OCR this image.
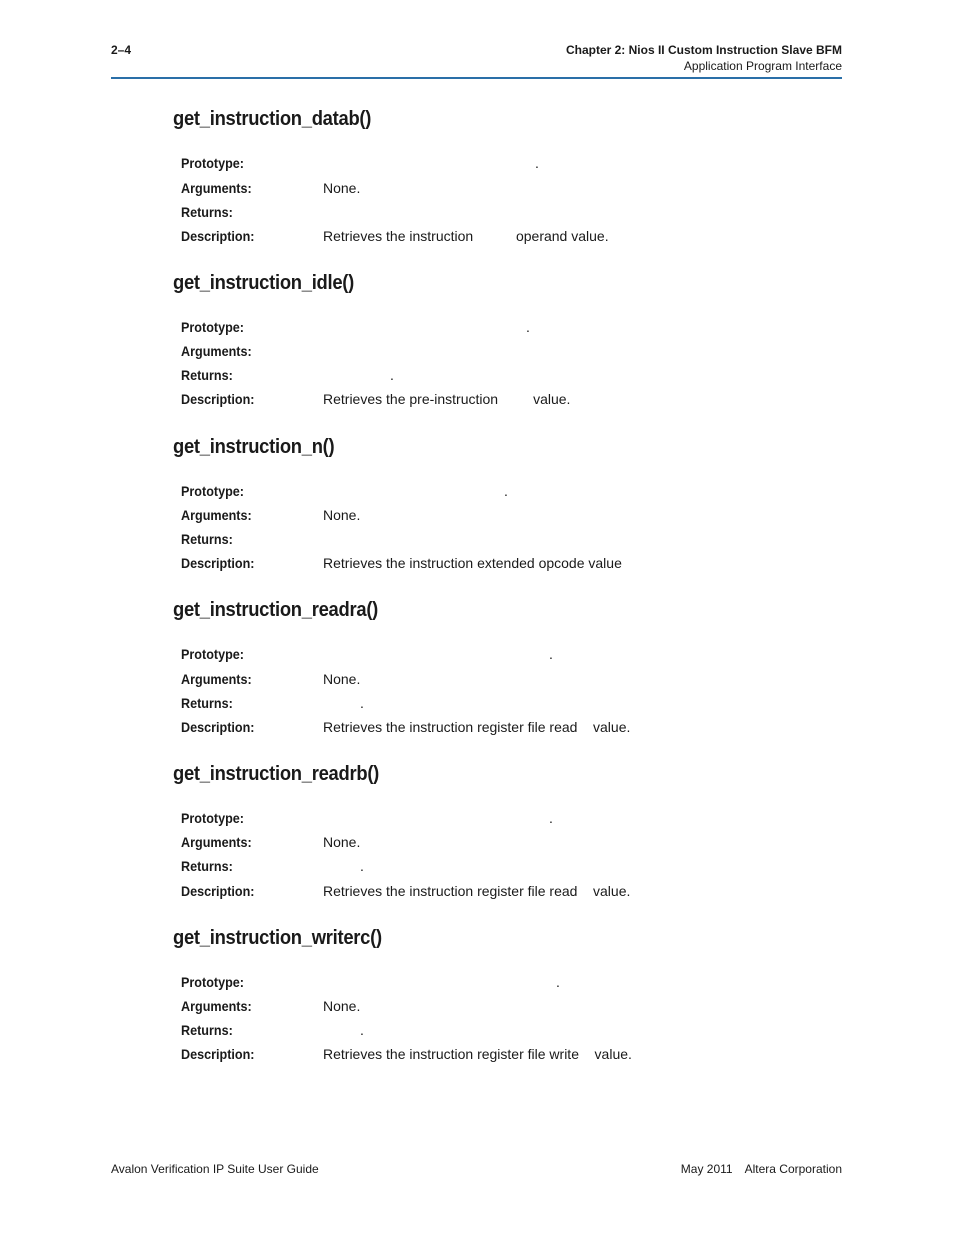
2–4	Chapter 2: Nios II Custom Instruction Slave BFM
Application Program Interface
get_instruction_datab()
Prototype:	.
Arguments:	None.
Returns:
Description:	Retrieves the instruction           operand value.
get_instruction_idle()
Prototype:	.
Arguments:
Returns:	.
Description:	Retrieves the pre-instruction         value.
get_instruction_n()
Prototype:	.
Arguments:	None.
Returns:
Description:	Retrieves the instruction extended opcode value
get_instruction_readra()
Prototype:	.
Arguments:	None.
Returns:	.
Description:	Retrieves the instruction register file read    value.
get_instruction_readrb()
Prototype:	.
Arguments:	None.
Returns:	.
Description:	Retrieves the instruction register file read    value.
get_instruction_writerc()
Prototype:	.
Arguments:	None.
Returns:	.
Description:	Retrieves the instruction register file write    value.
Avalon Verification IP Suite User Guide	May 2011 Altera Corporation
